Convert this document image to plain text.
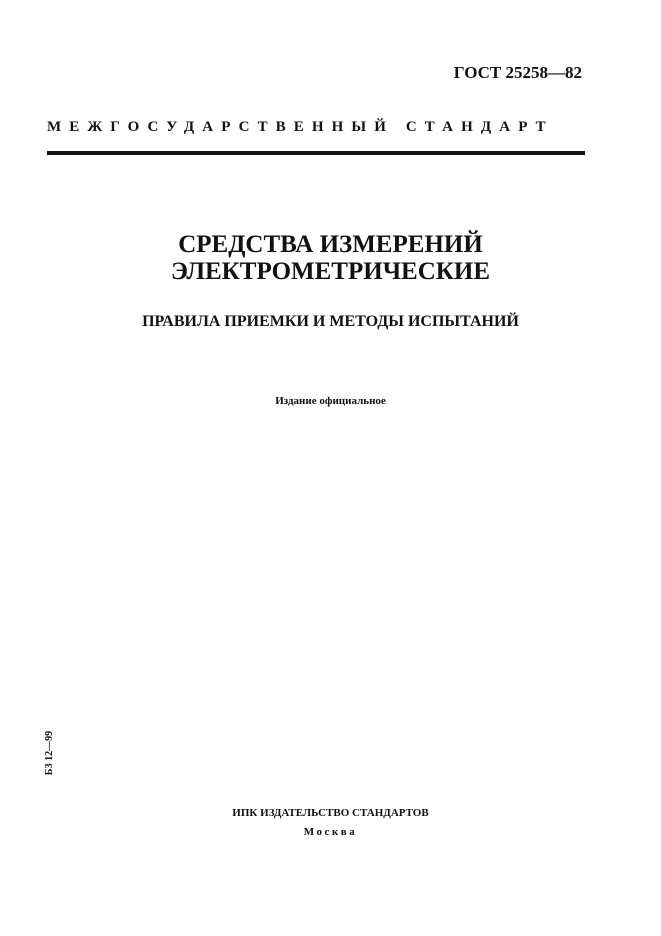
ГОСТ 25258—82
МЕЖГОСУДАРСТВЕННЫЙ СТАНДАРТ
СРЕДСТВА ИЗМЕРЕНИЙ
ЭЛЕКТРОМЕТРИЧЕСКИЕ
ПРАВИЛА ПРИЕМКИ И МЕТОДЫ ИСПЫТАНИЙ
Издание официальное
БЗ 12—99
ИПК ИЗДАТЕЛЬСТВО СТАНДАРТОВ
Москва
